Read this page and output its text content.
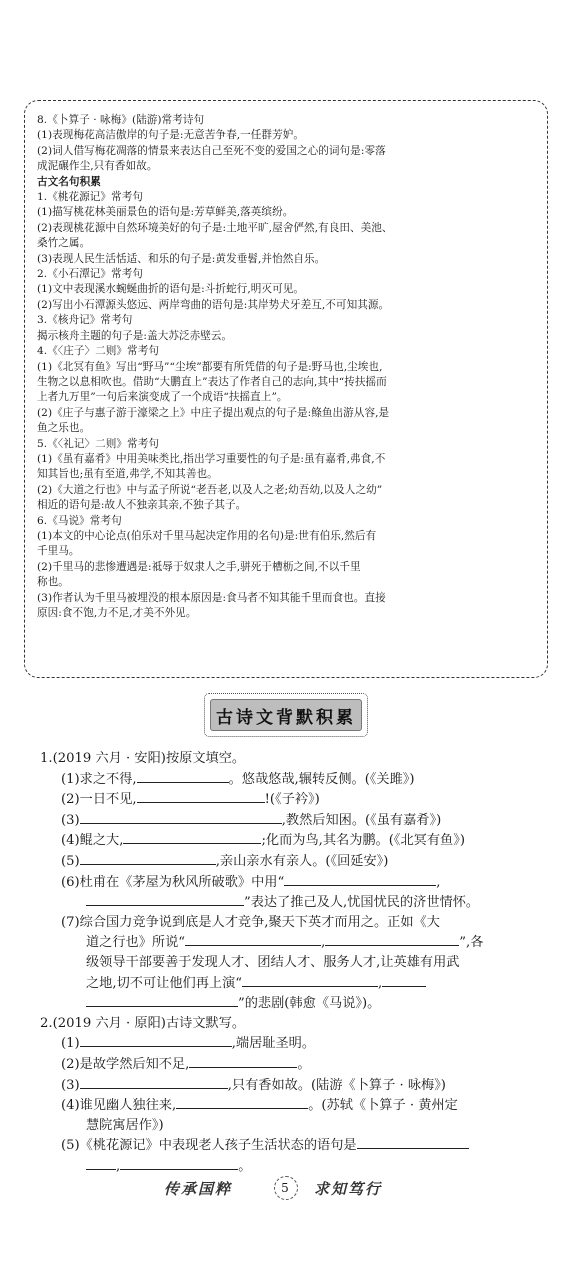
8.《卜算子 · 咏梅》(陆游)常考诗句
(1)表现梅花高洁傲岸的句子是:无意苦争春,一任群芳妒。
(2)词人借写梅花凋落的情景来表达自己至死不变的爱国之心的词句是:零落
成泥碾作尘,只有香如故。
古文名句积累
1.《桃花源记》常考句
(1)描写桃花林美丽景色的语句是:芳草鲜美,落英缤纷。
(2)表现桃花源中自然环境美好的句子是:土地平旷,屋舍俨然,有良田、美池、
桑竹之属。
(3)表现人民生活恬适、和乐的句子是:黄发垂髫,并怡然自乐。
2.《小石潭记》常考句
(1)文中表现溪水蜿蜒曲折的语句是:斗折蛇行,明灭可见。
(2)写出小石潭源头悠远、两岸弯曲的语句是:其岸势犬牙差互,不可知其源。
3.《核舟记》常考句
揭示核舟主题的句子是:盖大苏泛赤壁云。
4.《〈庄子〉二则》常考句
(1)《北冥有鱼》写出“野马”“尘埃”都要有所凭借的句子是:野马也,尘埃也,
生物之以息相吹也。借助“大鹏直上”表达了作者自己的志向,其中“抟扶摇而
上者九万里”一句后来演变成了一个成语“扶摇直上”。
(2)《庄子与惠子游于濠梁之上》中庄子提出观点的句子是:鲦鱼出游从容,是
鱼之乐也。
5.《〈礼记〉二则》常考句
(1)《虽有嘉肴》中用美味类比,指出学习重要性的句子是:虽有嘉肴,弗食,不
知其旨也;虽有至道,弗学,不知其善也。
(2)《大道之行也》中与孟子所说“老吾老,以及人之老;幼吾幼,以及人之幼”
相近的语句是:故人不独亲其亲,不独子其子。
6.《马说》常考句
(1)本文的中心论点(伯乐对千里马起决定作用的名句)是:世有伯乐,然后有
千里马。
(2)千里马的悲惨遭遇是:祗辱于奴隶人之手,骈死于槽枥之间,不以千里
称也。
(3)作者认为千里马被埋没的根本原因是:食马者不知其能千里而食也。直接
原因:食不饱,力不足,才美不外见。
古诗文背默积累
1.(2019 六月 · 安阳)按原文填空。
(1)求之不得,	。悠哉悠哉,辗转反侧。(《关雎》)
(2)一日不见,	!(《子衿》)
(3)	,教然后知困。(《虽有嘉肴》)
(4)鲲之大,	;化而为鸟,其名为鹏。(《北冥有鱼》)
(5)	,亲山亲水有亲人。(《回延安》)
(6)杜甫在《茅屋为秋风所破歌》中用“	,
”表达了推己及人,忧国忧民的济世情怀。
(7)综合国力竞争说到底是人才竞争,聚天下英才而用之。正如《大
道之行也》所说“	,	”,各
级领导干部要善于发现人才、团结人才、服务人才,让英雄有用武
之地,切不可让他们再上演“	,
”的悲剧(韩愈《马说》)。
2.(2019 六月 · 原阳)古诗文默写。
(1)	,端居耻圣明。
(2)是故学然后知不足,	。
(3)	,只有香如故。(陆游《卜算子 · 咏梅》)
(4)谁见幽人独往来,	。(苏轼《卜算子 · 黄州定
慧院寓居作》)
(5)《桃花源记》中表现老人孩子生活状态的语句是
,	。
传承国粹	5	求知笃行
